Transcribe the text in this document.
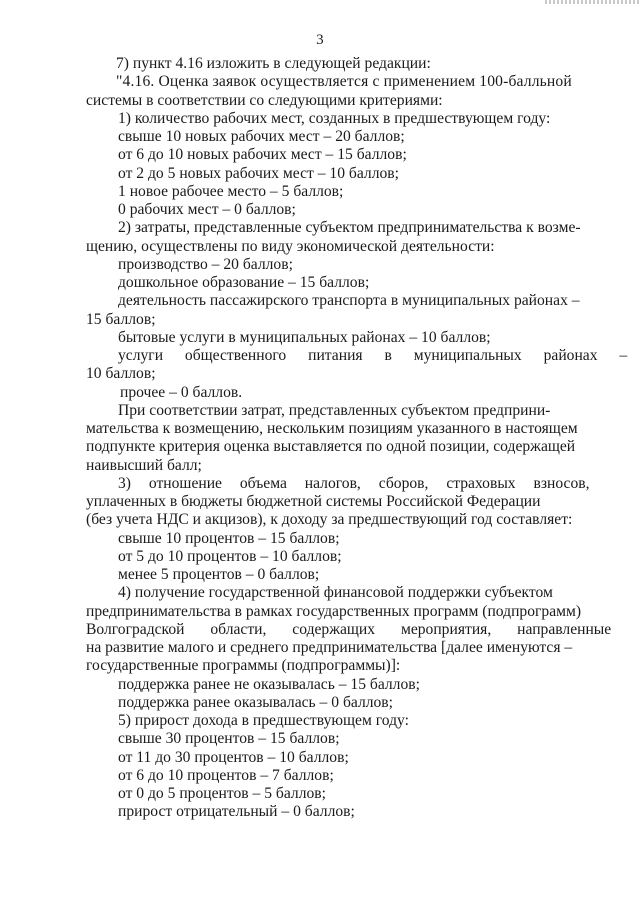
3
7) пункт 4.16 изложить в следующей редакции:
"4.16. Оценка заявок осуществляется с применением 100-балльной
системы в соответствии со следующими критериями:
1) количество рабочих мест, созданных в предшествующем году:
свыше 10 новых рабочих мест – 20 баллов;
от 6 до 10 новых рабочих мест – 15 баллов;
от 2 до 5 новых рабочих мест – 10 баллов;
1 новое рабочее место – 5 баллов;
0 рабочих мест – 0 баллов;
2) затраты, представленные субъектом предпринимательства к возме-
щению, осуществлены по виду экономической деятельности:
производство – 20 баллов;
дошкольное образование – 15 баллов;
деятельность пассажирского транспорта в муниципальных районах –
15 баллов;
бытовые услуги в муниципальных районах – 10 баллов;
услуги общественного питания в муниципальных районах –
10 баллов;
прочее – 0 баллов.
При соответствии затрат, представленных субъектом предприни-
мательства к возмещению, нескольким позициям указанного в настоящем
подпункте критерия оценка выставляется по одной позиции, содержащей
наивысший балл;
3) отношение объема налогов, сборов, страховых взносов,
уплаченных в бюджеты бюджетной системы Российской Федерации
(без учета НДС и акцизов), к доходу за предшествующий год составляет:
свыше 10 процентов – 15 баллов;
от 5 до 10 процентов – 10 баллов;
менее 5 процентов – 0 баллов;
4) получение государственной финансовой поддержки субъектом
предпринимательства в рамках государственных программ (подпрограмм)
Волгоградской области, содержащих мероприятия, направленные
на развитие малого и среднего предпринимательства [далее именуются –
государственные программы (подпрограммы)]:
поддержка ранее не оказывалась – 15 баллов;
поддержка ранее оказывалась – 0 баллов;
5) прирост дохода в предшествующем году:
свыше 30 процентов – 15 баллов;
от 11 до 30 процентов – 10 баллов;
от 6 до 10 процентов – 7 баллов;
от 0 до 5 процентов – 5 баллов;
прирост отрицательный – 0 баллов;
